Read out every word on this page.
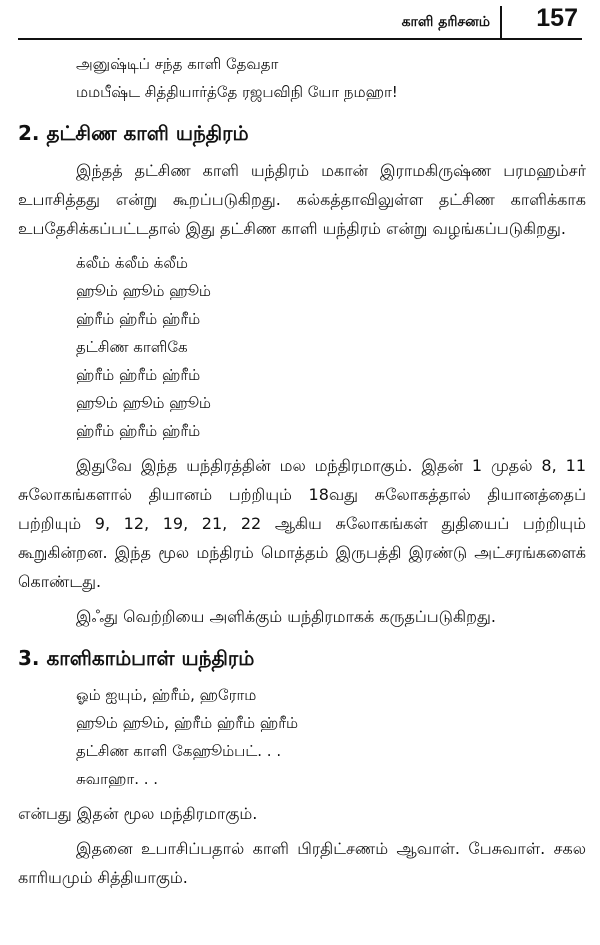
காளி தரிசனம் 157
அனுஷ்டிப் சந்த காளி தேவதா
மமபீஷ்ட சித்தியார்த்தே ரஜபவிநி யோ நமஹா!
2. தட்சிண காளி யந்திரம்

இந்தத் தட்சிண காளி யந்திரம் மகான் இராமகிருஷ்ண பரமஹம்சர் உபாசித்தது என்று கூறப்படுகிறது. கல்கத்தாவிலுள்ள தட்சிண காளிக்காக உபதேசிக்கப்பட்டதால் இது தட்சிண காளி யந்திரம் என்று வழங்கப்படுகிறது.

க்லீம் க்லீம் க்லீம்
ஹூம் ஹூம் ஹூம்
ஹ்ரீம் ஹ்ரீம் ஹ்ரீம்
தட்சிண காளிகே
ஹ்ரீம் ஹ்ரீம் ஹ்ரீம்
ஹூம் ஹூம் ஹூம்
ஹ்ரீம் ஹ்ரீம் ஹ்ரீம்

இதுவே இந்த யந்திரத்தின் மல மந்திரமாகும். இதன் 1 முதல் 8, 11 சுலோகங்களால் தியானம் பற்றியும் 18வது சுலோகத்தால் தியானத்தைப் பற்றியும் 9, 12, 19, 21, 22 ஆகிய சுலோகங்கள் துதியைப் பற்றியும் கூறுகின்றன. இந்த மூல மந்திரம் மொத்தம் இருபத்தி இரண்டு அட்சரங்களைக் கொண்டது.

இஃது வெற்றியை அளிக்கும் யந்திரமாகக் கருதப்படுகிறது.

3. காளிகாம்பாள் யந்திரம்
ஓம் ஐயும், ஹ்ரீம், ஹரோம
ஹூம் ஹூம், ஹ்ரீம் ஹ்ரீம் ஹ்ரீம்
தட்சிண காளி கேஹூம்பட். . .
சுவாஹா. . .

என்பது இதன் மூல மந்திரமாகும்.

இதனை உபாசிப்பதால் காளி பிரதிட்சணம் ஆவாள். பேசுவாள். சகல காரியமும் சித்தியாகும்.
